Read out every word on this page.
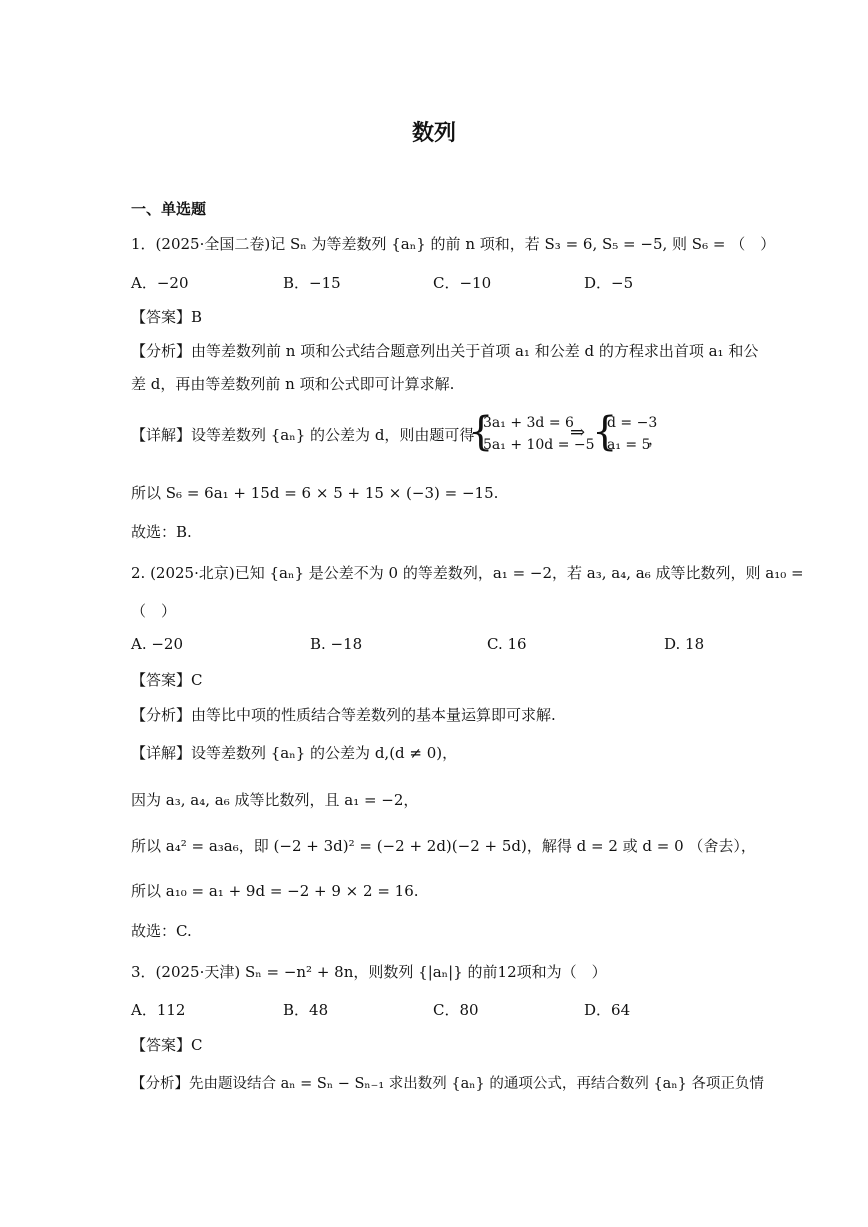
数列
一、单选题
1．(2025·全国二卷)记 Sₙ 为等差数列 {aₙ} 的前 n 项和，若 S₃ = 6, S₅ = −5, 则 S₆ = （　）
A．−20	B．−15	C．−10	D．−5
【答案】B
【分析】由等差数列前 n 项和公式结合题意列出关于首项 a₁ 和公差 d 的方程求出首项 a₁ 和公
差 d，再由等差数列前 n 项和公式即可计算求解.
【详解】设等差数列 {aₙ} 的公差为 d，则由题可得
{
3a₁ + 3d = 6
5a₁ + 10d = −5
⇒ {
d = −3
a₁ = 5
，
所以 S₆ = 6a₁ + 15d = 6 × 5 + 15 × (−3) = −15.
故选：B.
2. (2025·北京)已知 {aₙ} 是公差不为 0 的等差数列，a₁ = −2，若 a₃, a₄, a₆ 成等比数列，则 a₁₀ =
（　）
A. −20	B. −18	C. 16	D. 18
【答案】C
【分析】由等比中项的性质结合等差数列的基本量运算即可求解.
【详解】设等差数列 {aₙ} 的公差为 d,(d ≠ 0)，
因为 a₃, a₄, a₆ 成等比数列，且 a₁ = −2，
所以 a₄² = a₃a₆，即 (−2 + 3d)² = (−2 + 2d)(−2 + 5d)，解得 d = 2 或 d = 0 （舍去），
所以 a₁₀ = a₁ + 9d = −2 + 9 × 2 = 16.
故选：C.
3．(2025·天津) Sₙ = −n² + 8n，则数列 {|aₙ|} 的前12项和为（　）
A．112	B．48	C．80	D．64
【答案】C
【分析】先由题设结合 aₙ = Sₙ − Sₙ₋₁ 求出数列 {aₙ} 的通项公式，再结合数列 {aₙ} 各项正负情
